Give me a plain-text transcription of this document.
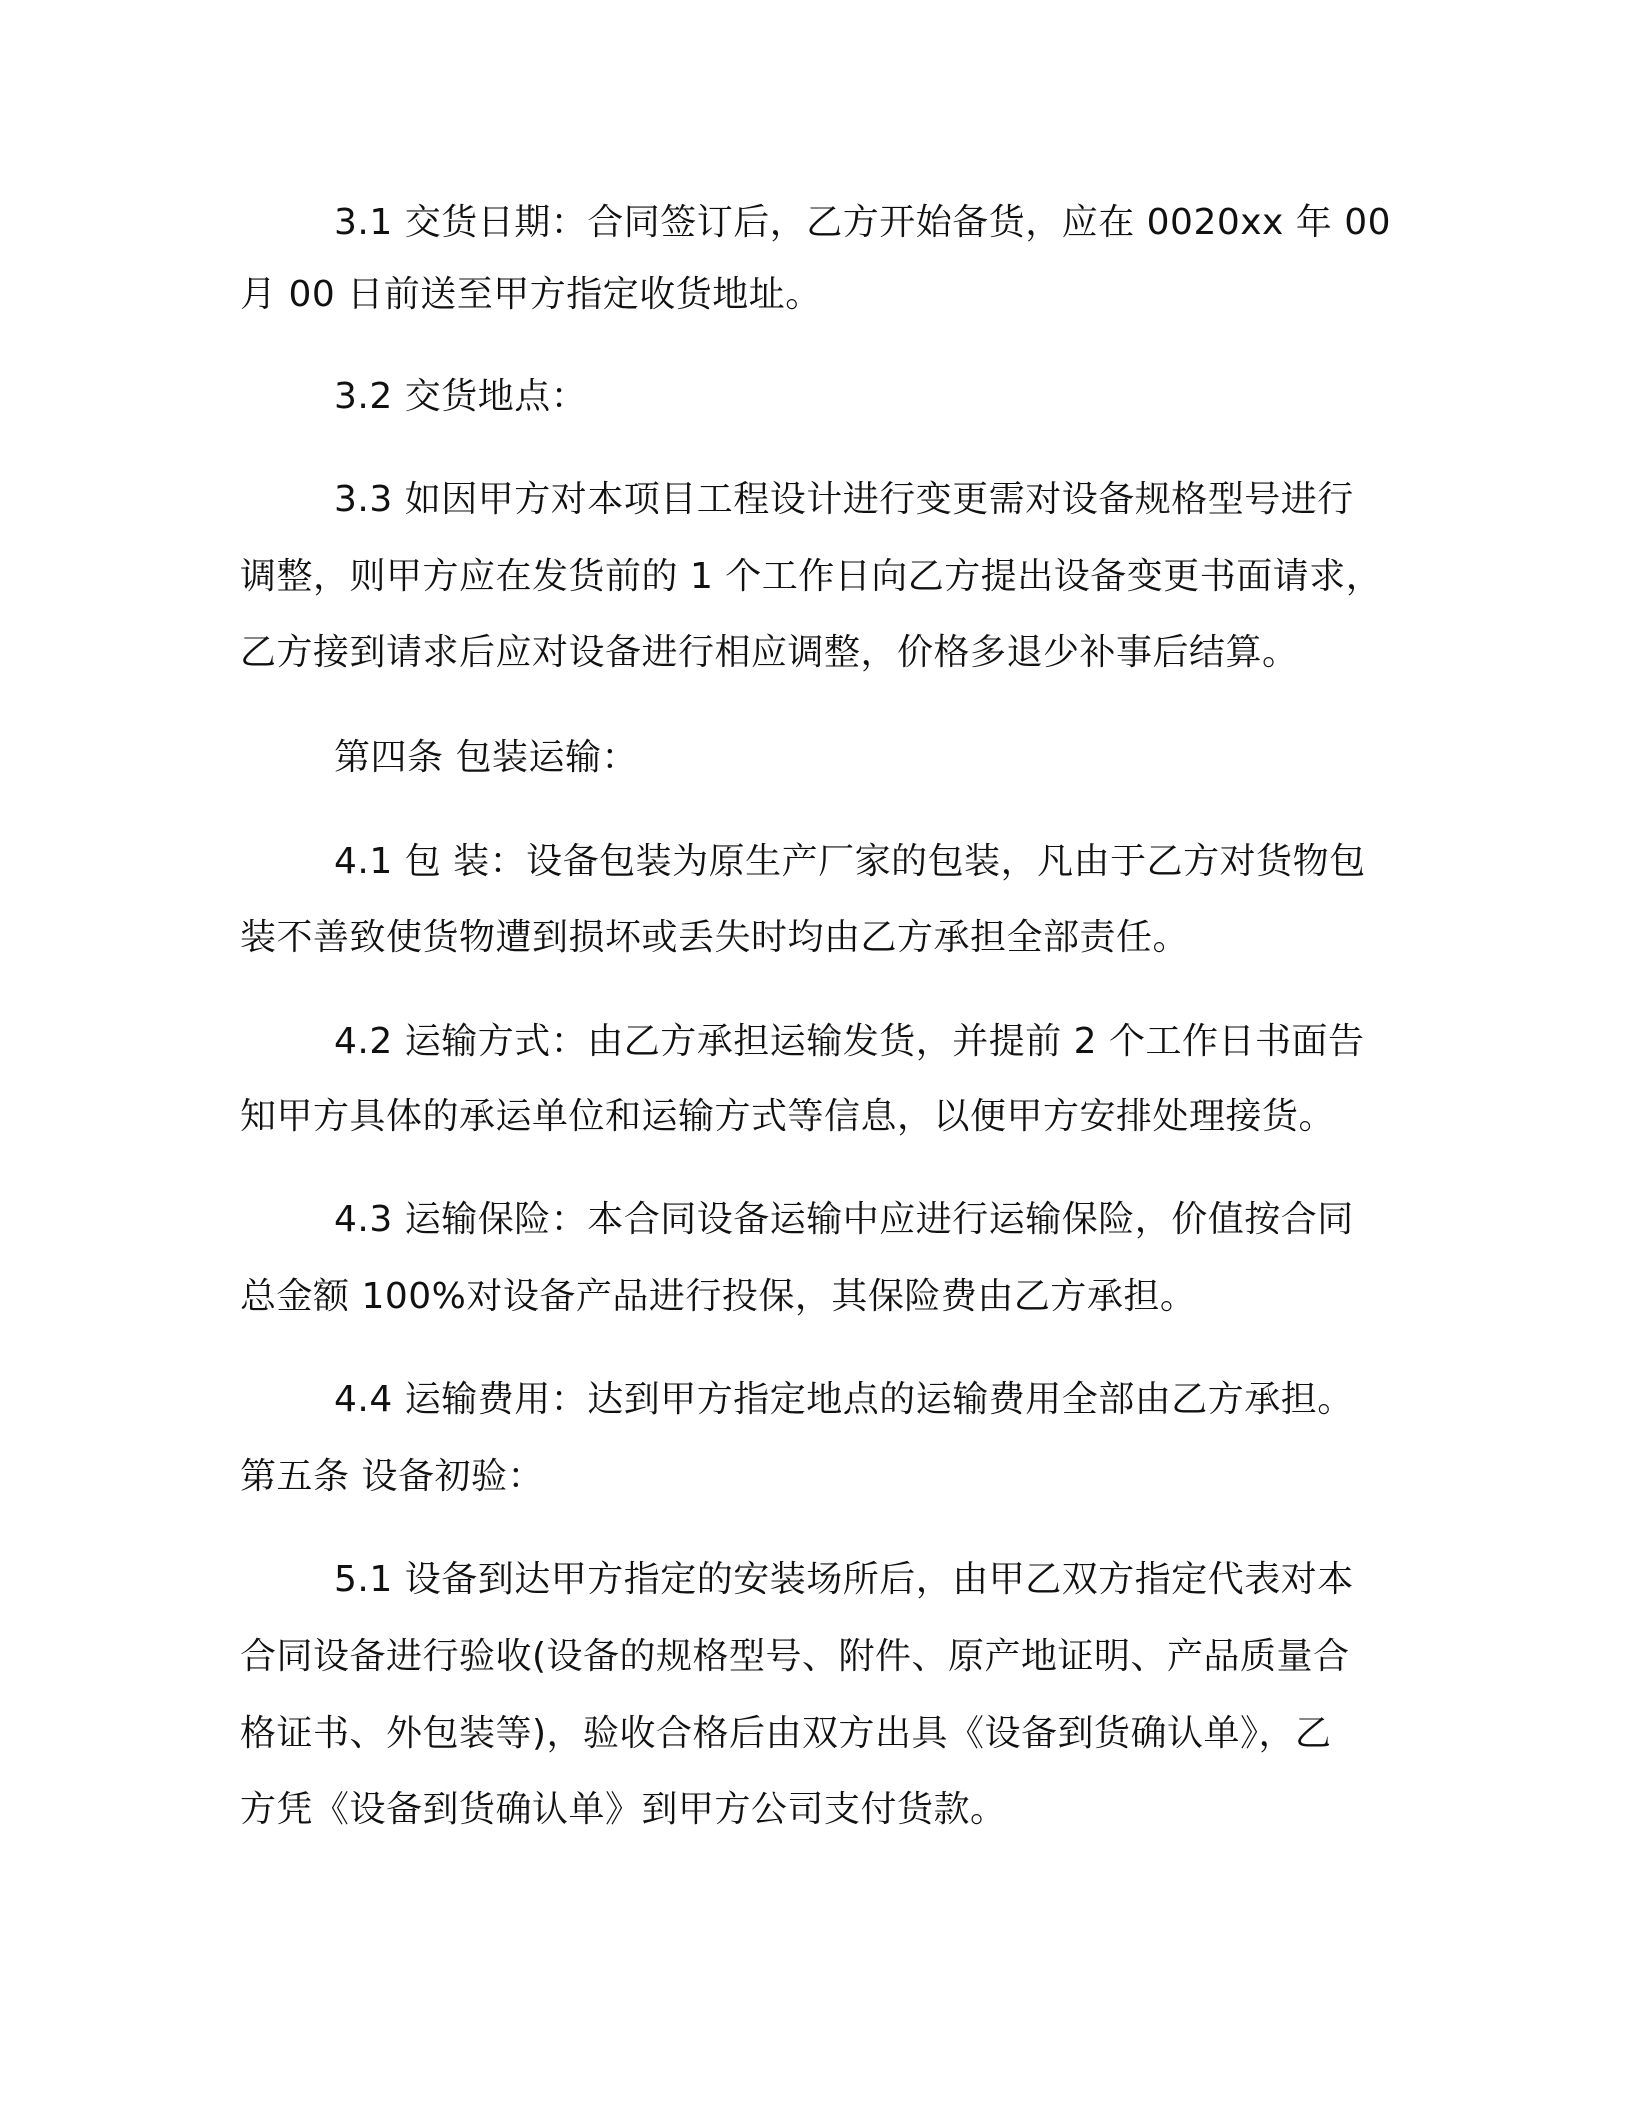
3.1 交货日期：合同签订后，乙方开始备货，应在 0020xx 年 00
月 00 日前送至甲方指定收货地址。
3.2 交货地点：
3.3 如因甲方对本项目工程设计进行变更需对设备规格型号进行
调整，则甲方应在发货前的 1 个工作日向乙方提出设备变更书面请求，
乙方接到请求后应对设备进行相应调整，价格多退少补事后结算。
第四条 包装运输：
4.1 包 装：设备包装为原生产厂家的包装，凡由于乙方对货物包
装不善致使货物遭到损坏或丢失时均由乙方承担全部责任。
4.2 运输方式：由乙方承担运输发货，并提前 2 个工作日书面告
知甲方具体的承运单位和运输方式等信息，以便甲方安排处理接货。
4.3 运输保险：本合同设备运输中应进行运输保险，价值按合同
总金额 100%对设备产品进行投保，其保险费由乙方承担。
4.4 运输费用：达到甲方指定地点的运输费用全部由乙方承担。
第五条 设备初验：
5.1 设备到达甲方指定的安装场所后，由甲乙双方指定代表对本
合同设备进行验收(设备的规格型号、附件、原产地证明、产品质量合
格证书、外包装等)，验收合格后由双方出具《设备到货确认单》，乙
方凭《设备到货确认单》到甲方公司支付货款。
